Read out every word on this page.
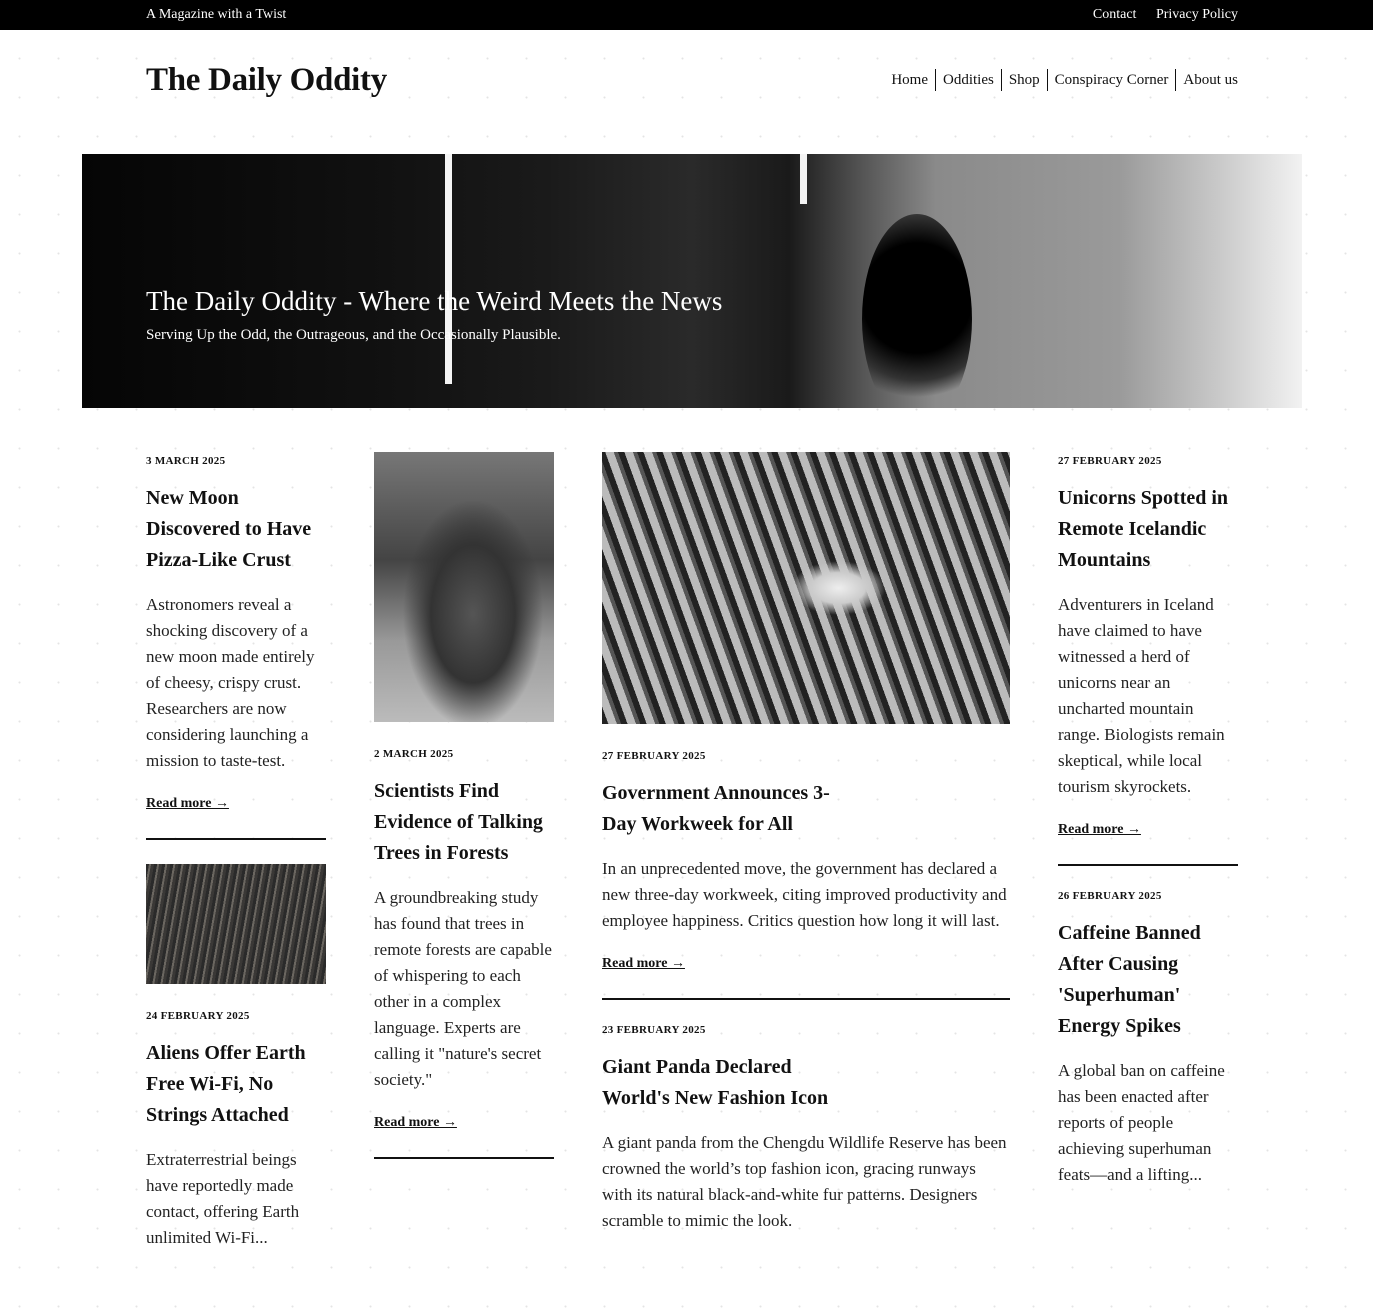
A Magazine with a Twist	Contact Privacy Policy
The Daily Oddity	Home	Oddities	Shop	Conspiracy Corner	About us
The Daily Oddity - Where the Weird Meets the News
Serving Up the Odd, the Outrageous, and the Occasionally Plausible.
3 MARCH 2025
New Moon Discovered to Have Pizza-Like Crust
Astronomers reveal a shocking discovery of a new moon made entirely of cheesy, crispy crust. Researchers are now considering launching a mission to taste-test.
Read more →
24 FEBRUARY 2025
Aliens Offer Earth Free Wi-Fi, No Strings Attached
Extraterrestrial beings have reportedly made contact, offering Earth unlimited Wi-Fi...
2 MARCH 2025
Scientists Find Evidence of Talking Trees in Forests
A groundbreaking study has found that trees in remote forests are capable of whispering to each other in a complex language. Experts are calling it "nature's secret society."
Read more →
27 FEBRUARY 2025
Government Announces 3-Day Workweek for All
In an unprecedented move, the government has declared a new three-day workweek, citing improved productivity and employee happiness. Critics question how long it will last.
Read more →
23 FEBRUARY 2025
Giant Panda Declared World's New Fashion Icon
A giant panda from the Chengdu Wildlife Reserve has been crowned the world’s top fashion icon, gracing runways with its natural black-and-white fur patterns. Designers scramble to mimic the look.
27 FEBRUARY 2025
Unicorns Spotted in Remote Icelandic Mountains
Adventurers in Iceland have claimed to have witnessed a herd of unicorns near an uncharted mountain range. Biologists remain skeptical, while local tourism skyrockets.
Read more →
26 FEBRUARY 2025
Caffeine Banned After Causing 'Superhuman' Energy Spikes
A global ban on caffeine has been enacted after reports of people achieving superhuman feats—and a lifting...
